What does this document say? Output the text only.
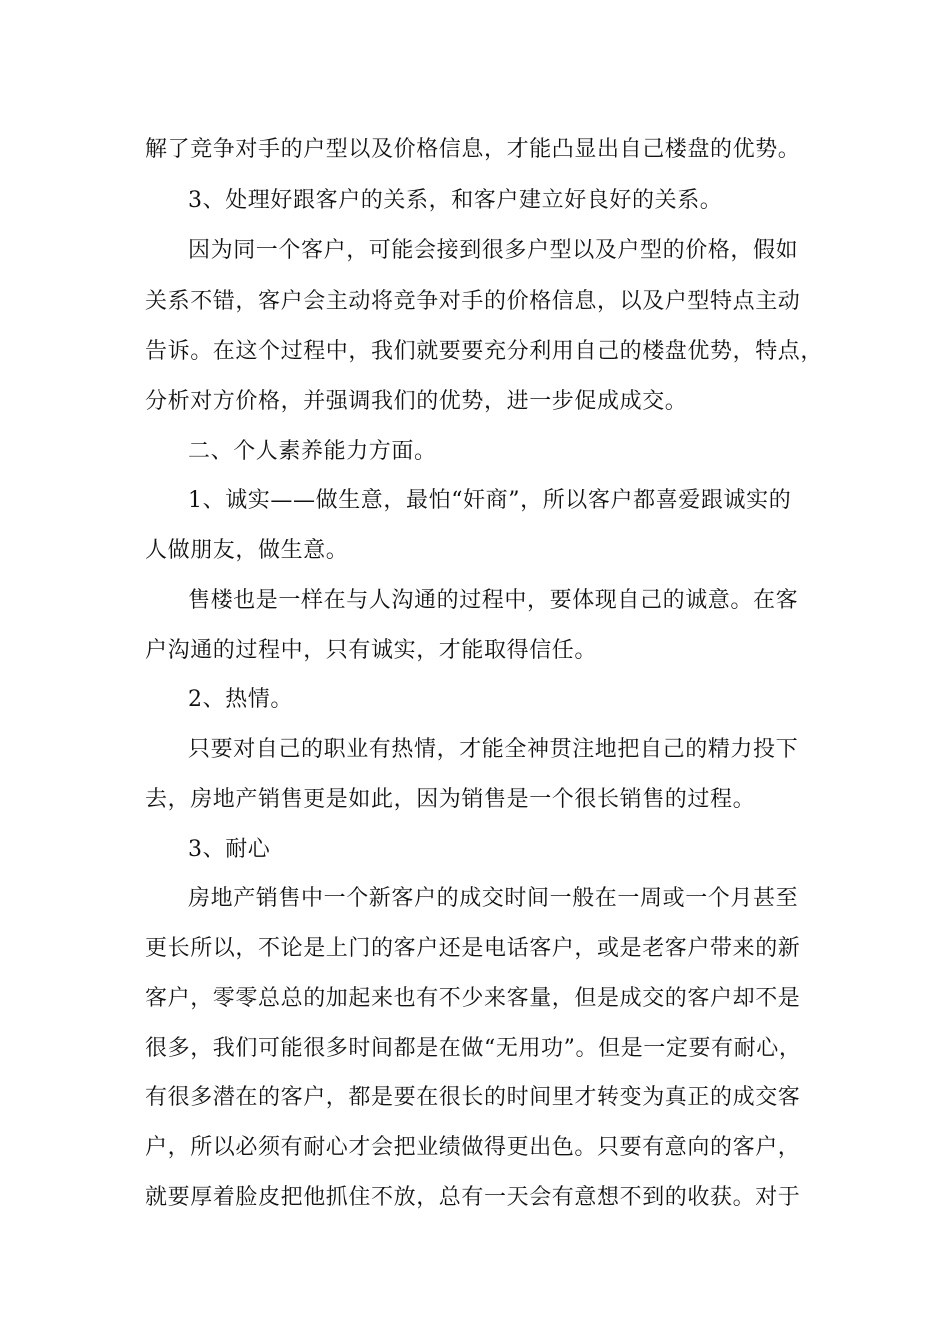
解了竞争对手的户型以及价格信息，才能凸显出自己楼盘的优势。
3、处理好跟客户的关系，和客户建立好良好的关系。
因为同一个客户，可能会接到很多户型以及户型的价格，假如
关系不错，客户会主动将竞争对手的价格信息，以及户型特点主动
告诉。在这个过程中，我们就要要充分利用自己的楼盘优势，特点，
分析对方价格，并强调我们的优势，进一步促成成交。
二、个人素养能力方面。
1、诚实——做生意，最怕“奸商”，所以客户都喜爱跟诚实的
人做朋友，做生意。
售楼也是一样在与人沟通的过程中，要体现自己的诚意。在客
户沟通的过程中，只有诚实，才能取得信任。
2、热情。
只要对自己的职业有热情，才能全神贯注地把自己的精力投下
去，房地产销售更是如此，因为销售是一个很长销售的过程。
3、耐心
房地产销售中一个新客户的成交时间一般在一周或一个月甚至
更长所以，不论是上门的客户还是电话客户，或是老客户带来的新
客户，零零总总的加起来也有不少来客量，但是成交的客户却不是
很多，我们可能很多时间都是在做“无用功”。但是一定要有耐心，
有很多潜在的客户，都是要在很长的时间里才转变为真正的成交客
户，所以必须有耐心才会把业绩做得更出色。只要有意向的客户，
就要厚着脸皮把他抓住不放，总有一天会有意想不到的收获。对于
